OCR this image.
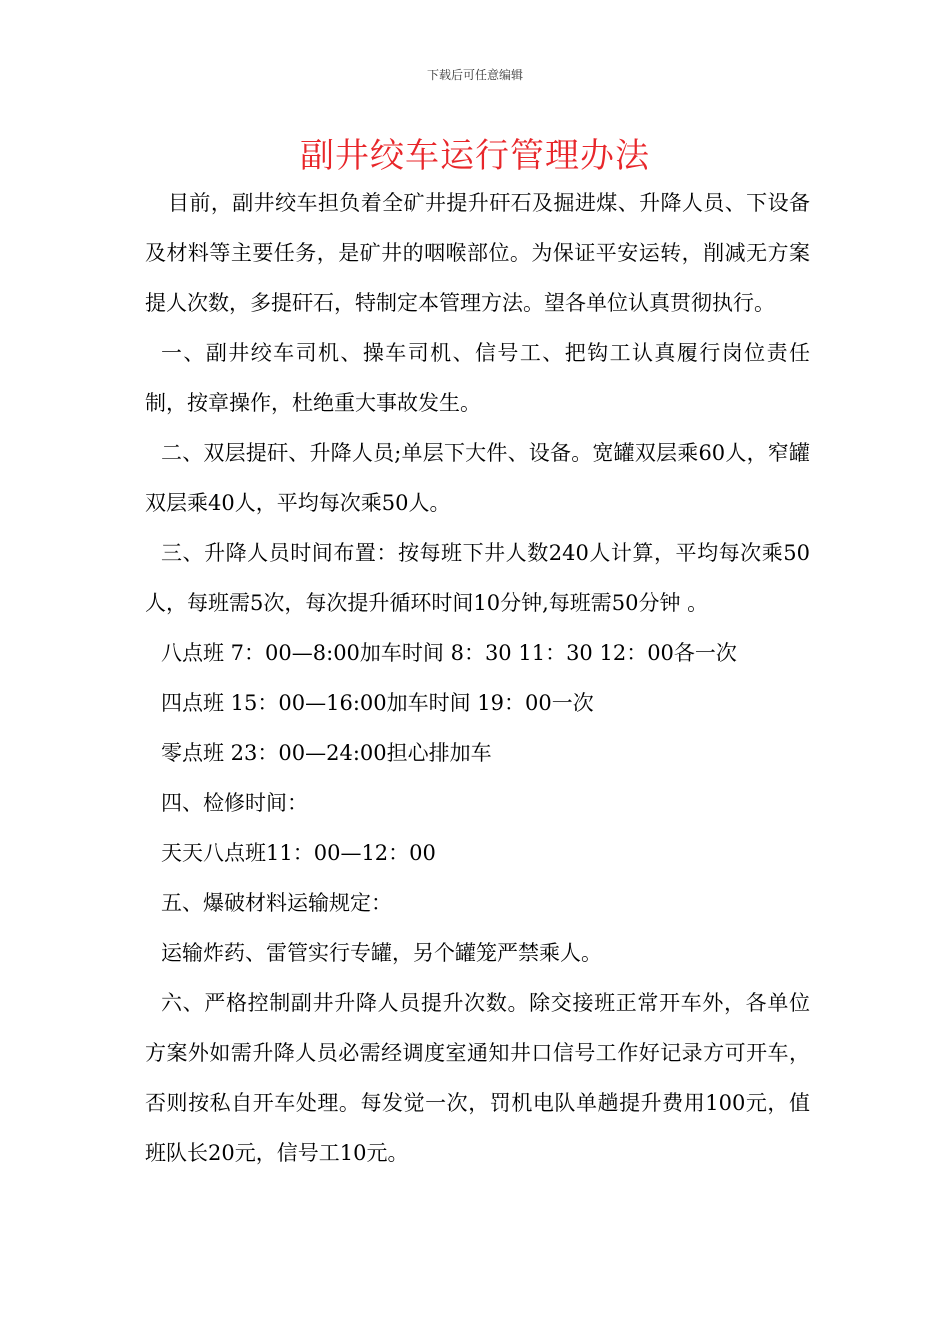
下载后可任意编辑
副井绞车运行管理办法

目前，副井绞车担负着全矿井提升矸石及掘进煤、升降人员、下设备及材料等主要任务，是矿井的咽喉部位。为保证平安运转，削减无方案提人次数，多提矸石，特制定本管理方法。望各单位认真贯彻执行。

一、副井绞车司机、操车司机、信号工、把钩工认真履行岗位责任制，按章操作，杜绝重大事故发生。

二、双层提矸、升降人员;单层下大件、设备。宽罐双层乘60人，窄罐双层乘40人，平均每次乘50人。

三、升降人员时间布置：按每班下井人数240人计算，平均每次乘50人，每班需5次，每次提升循环时间10分钟,每班需50分钟 。

八点班 7：00—8:00加车时间 8：30 11：30 12：00各一次

四点班 15：00—16:00加车时间 19：00一次

零点班 23：00—24:00担心排加车

四、检修时间：

天天八点班11：00—12：00

五、爆破材料运输规定：

运输炸药、雷管实行专罐，另个罐笼严禁乘人。

六、严格控制副井升降人员提升次数。除交接班正常开车外，各单位方案外如需升降人员必需经调度室通知井口信号工作好记录方可开车，否则按私自开车处理。每发觉一次，罚机电队单趟提升费用100元，值班队长20元，信号工10元。
